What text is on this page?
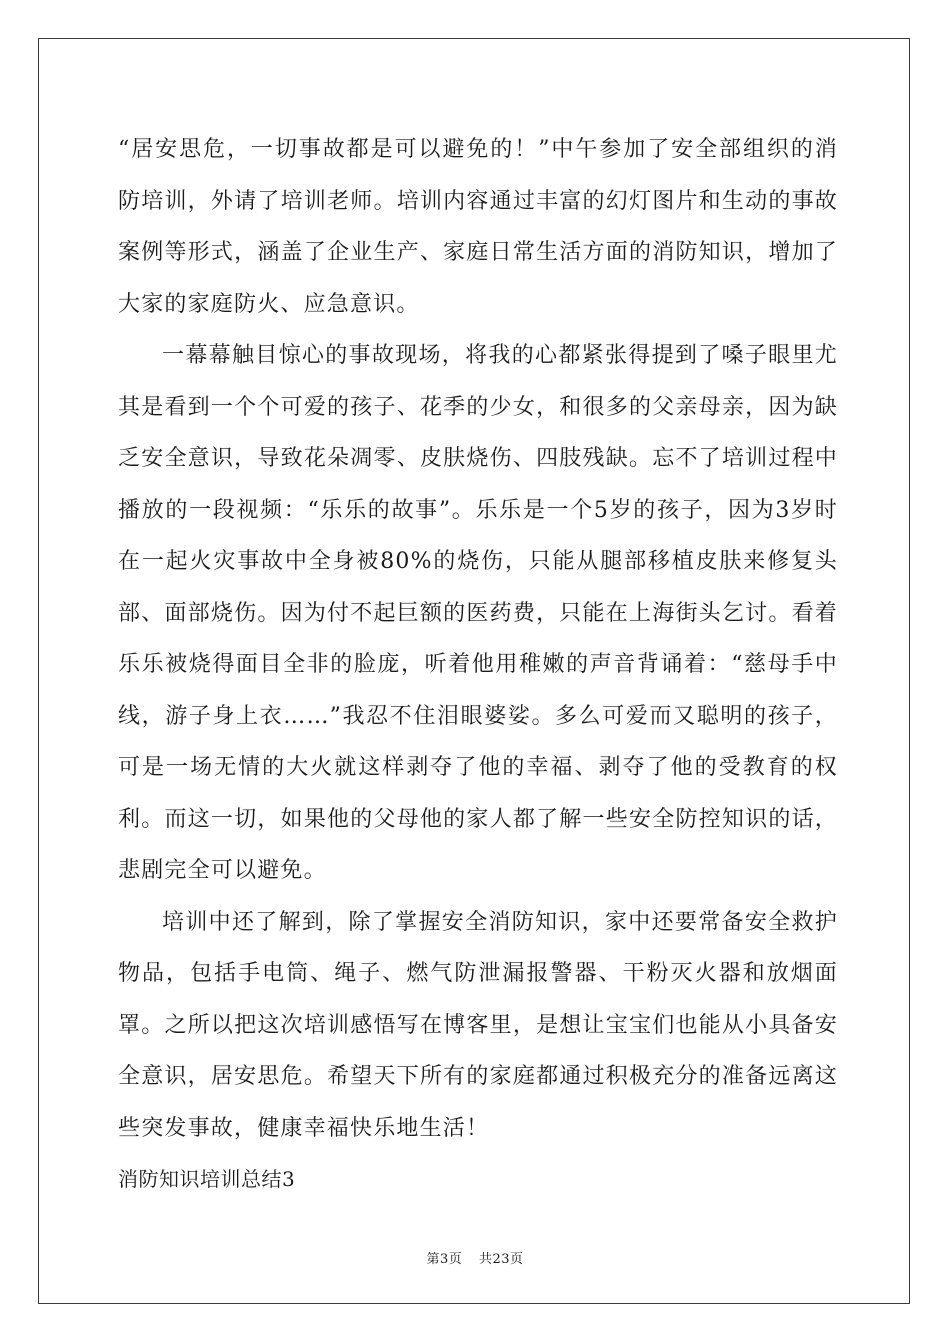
“居安思危，一切事故都是可以避免的！”中午参加了安全部组织的消防培训，外请了培训老师。培训内容通过丰富的幻灯图片和生动的事故案例等形式，涵盖了企业生产、家庭日常生活方面的消防知识，增加了大家的家庭防火、应急意识。

一幕幕触目惊心的事故现场，将我的心都紧张得提到了嗓子眼里尤其是看到一个个可爱的孩子、花季的少女，和很多的父亲母亲，因为缺乏安全意识，导致花朵凋零、皮肤烧伤、四肢残缺。忘不了培训过程中播放的一段视频：“乐乐的故事”。乐乐是一个5岁的孩子，因为3岁时在一起火灾事故中全身被80%的烧伤，只能从腿部移植皮肤来修复头部、面部烧伤。因为付不起巨额的医药费，只能在上海街头乞讨。看着乐乐被烧得面目全非的脸庞，听着他用稚嫩的声音背诵着：“慈母手中线，游子身上衣……”我忍不住泪眼婆娑。多么可爱而又聪明的孩子，可是一场无情的大火就这样剥夺了他的幸福、剥夺了他的受教育的权利。而这一切，如果他的父母他的家人都了解一些安全防控知识的话，悲剧完全可以避免。

培训中还了解到，除了掌握安全消防知识，家中还要常备安全救护物品，包括手电筒、绳子、燃气防泄漏报警器、干粉灭火器和放烟面罩。之所以把这次培训感悟写在博客里，是想让宝宝们也能从小具备安全意识，居安思危。希望天下所有的家庭都通过积极充分的准备远离这些突发事故，健康幸福快乐地生活！

消防知识培训总结3

第3页 共23页
